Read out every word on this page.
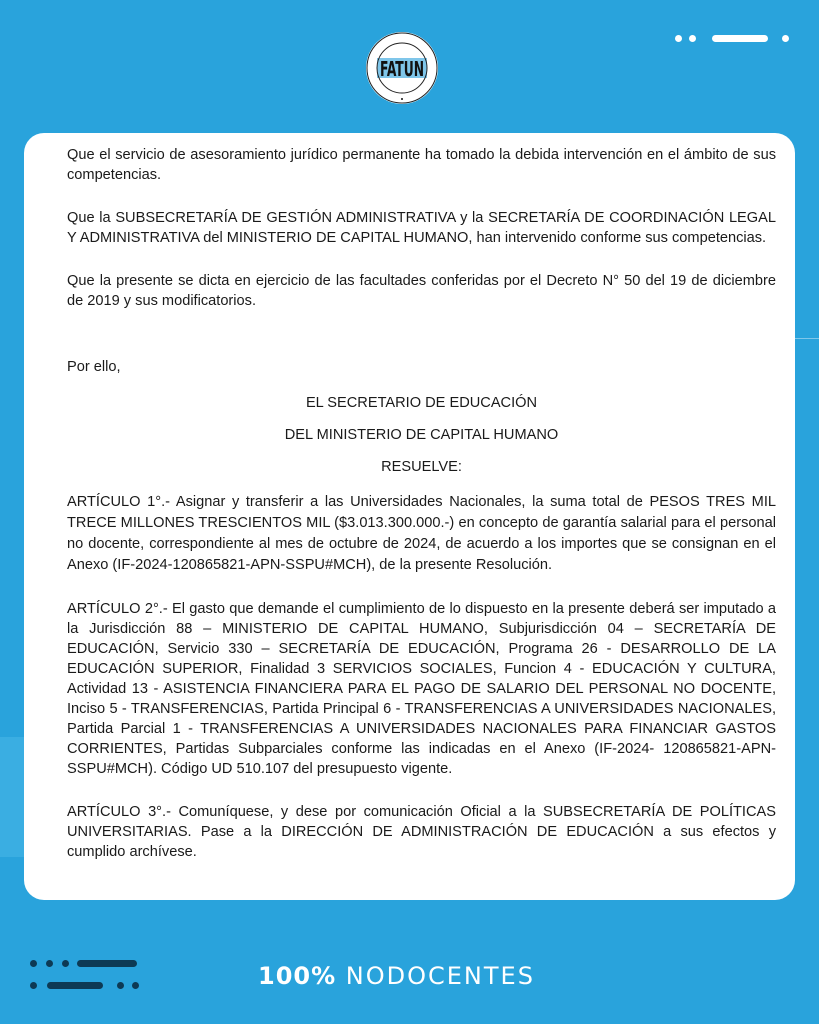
FATUN

Que el servicio de asesoramiento jurídico permanente ha tomado la debida intervención en el ámbito de sus competencias.

Que la SUBSECRETARÍA DE GESTIÓN ADMINISTRATIVA y la SECRETARÍA DE COORDINACIÓN LEGAL Y ADMINISTRATIVA del MINISTERIO DE CAPITAL HUMANO, han intervenido conforme sus competencias.

Que la presente se dicta en ejercicio de las facultades conferidas por el Decreto N° 50 del 19 de diciembre de 2019 y sus modificatorios.

Por ello,

EL SECRETARIO DE EDUCACIÓN

DEL MINISTERIO DE CAPITAL HUMANO

RESUELVE:

ARTÍCULO 1°.- Asignar y transferir a las Universidades Nacionales, la suma total de PESOS TRES MIL TRECE MILLONES TRESCIENTOS MIL ($3.013.300.000.-) en concepto de garantía salarial para el personal no docente, correspondiente al mes de octubre de 2024, de acuerdo a los importes que se consignan en el Anexo (IF-2024-120865821-APN-SSPU#MCH), de la presente Resolución.

ARTÍCULO 2°.- El gasto que demande el cumplimiento de lo dispuesto en la presente deberá ser imputado a la Jurisdicción 88 – MINISTERIO DE CAPITAL HUMANO, Subjurisdicción 04 – SECRETARÍA DE EDUCACIÓN, Servicio 330 – SECRETARÍA DE EDUCACIÓN, Programa 26 - DESARROLLO DE LA EDUCACIÓN SUPERIOR, Finalidad 3 SERVICIOS SOCIALES, Funcion 4 - EDUCACIÓN Y CULTURA, Actividad 13 - ASISTENCIA FINANCIERA PARA EL PAGO DE SALARIO DEL PERSONAL NO DOCENTE, Inciso 5 - TRANSFERENCIAS, Partida Principal 6 - TRANSFERENCIAS A UNIVERSIDADES NACIONALES, Partida Parcial 1 - TRANSFERENCIAS A UNIVERSIDADES NACIONALES PARA FINANCIAR GASTOS CORRIENTES, Partidas Subparciales conforme las indicadas en el Anexo (IF-2024- 120865821-APN-SSPU#MCH). Código UD 510.107 del presupuesto vigente.

ARTÍCULO 3°.- Comuníquese, y dese por comunicación Oficial a la SUBSECRETARÍA DE POLÍTICAS UNIVERSITARIAS. Pase a la DIRECCIÓN DE ADMINISTRACIÓN DE EDUCACIÓN a sus efectos y cumplido archívese.

100% NODOCENTES
